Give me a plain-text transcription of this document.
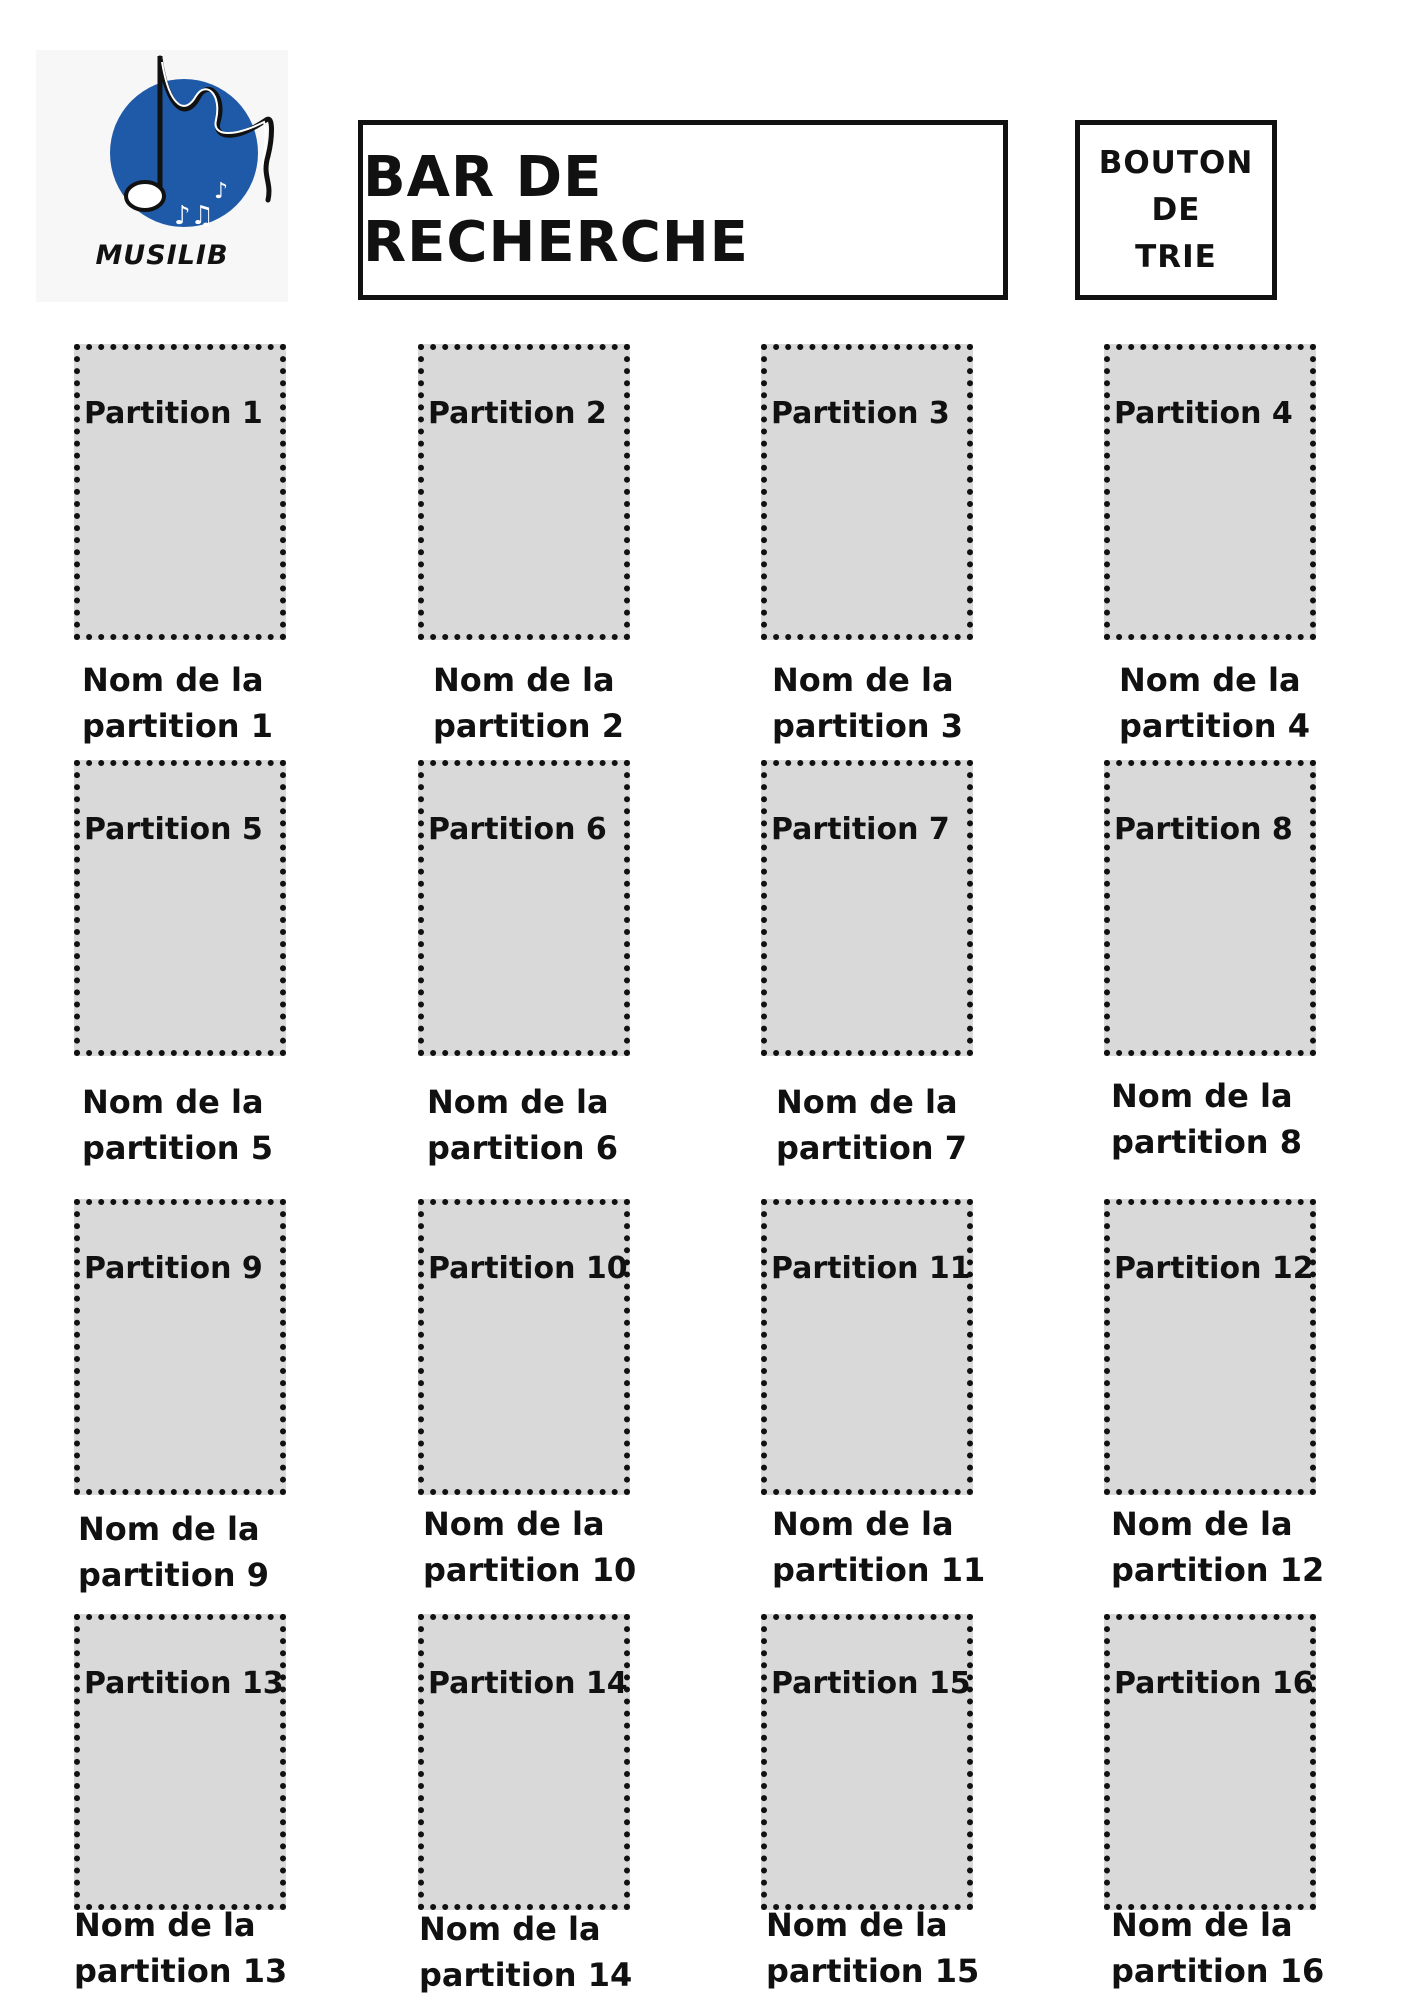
♪♫
♪
MUSILIB
BAR DE RECHERCHE
BOUTON
DE
TRIE
Partition 1
Nom de la
partition 1
Partition 2
Nom de la
partition 2
Partition 3
Nom de la
partition 3
Partition 4
Nom de la
partition 4
Partition 5
Nom de la
partition 5
Partition 6
Nom de la
partition 6
Partition 7
Nom de la
partition 7
Partition 8
Nom de la
partition 8
Partition 9
Nom de la
partition 9
Partition 10
Nom de la
partition 10
Partition 11
Nom de la
partition 11
Partition 12
Nom de la
partition 12
Partition 13
Nom de la
partition 13
Partition 14
Nom de la
partition 14
Partition 15
Nom de la
partition 15
Partition 16
Nom de la
partition 16
